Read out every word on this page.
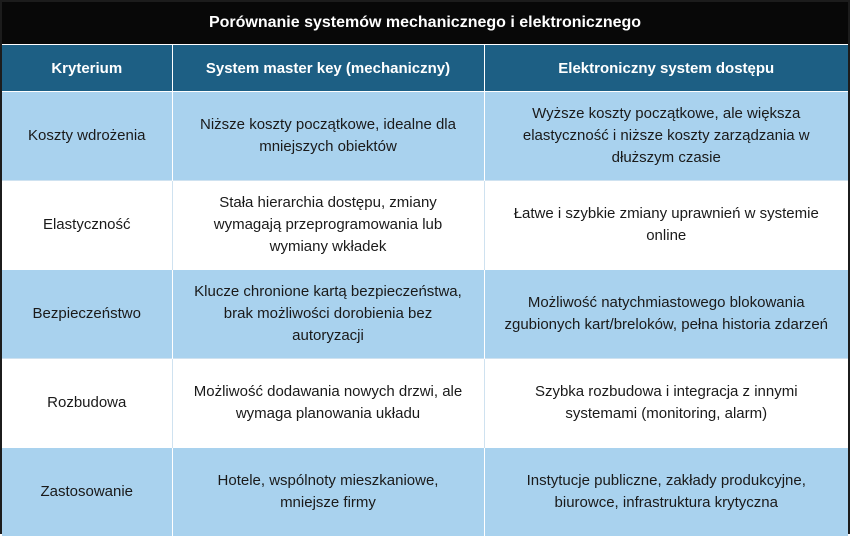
Porównanie systemów mechanicznego i elektronicznego
Kryterium	System master key (mechaniczny)	Elektroniczny system dostępu
Koszty wdrożenia	Niższe koszty początkowe, idealne dla mniejszych obiektów	Wyższe koszty początkowe, ale większa elastyczność i niższe koszty zarządzania w dłuższym czasie
Elastyczność	Stała hierarchia dostępu, zmiany wymagają przeprogramowania lub wymiany wkładek	Łatwe i szybkie zmiany uprawnień w systemie online
Bezpieczeństwo	Klucze chronione kartą bezpieczeństwa, brak możliwości dorobienia bez autoryzacji	Możliwość natychmiastowego blokowania zgubionych kart/breloków, pełna historia zdarzeń
Rozbudowa	Możliwość dodawania nowych drzwi, ale wymaga planowania układu	Szybka rozbudowa i integracja z innymi systemami (monitoring, alarm)
Zastosowanie	Hotele, wspólnoty mieszkaniowe, mniejsze firmy	Instytucje publiczne, zakłady produkcyjne, biurowce, infrastruktura krytyczna
